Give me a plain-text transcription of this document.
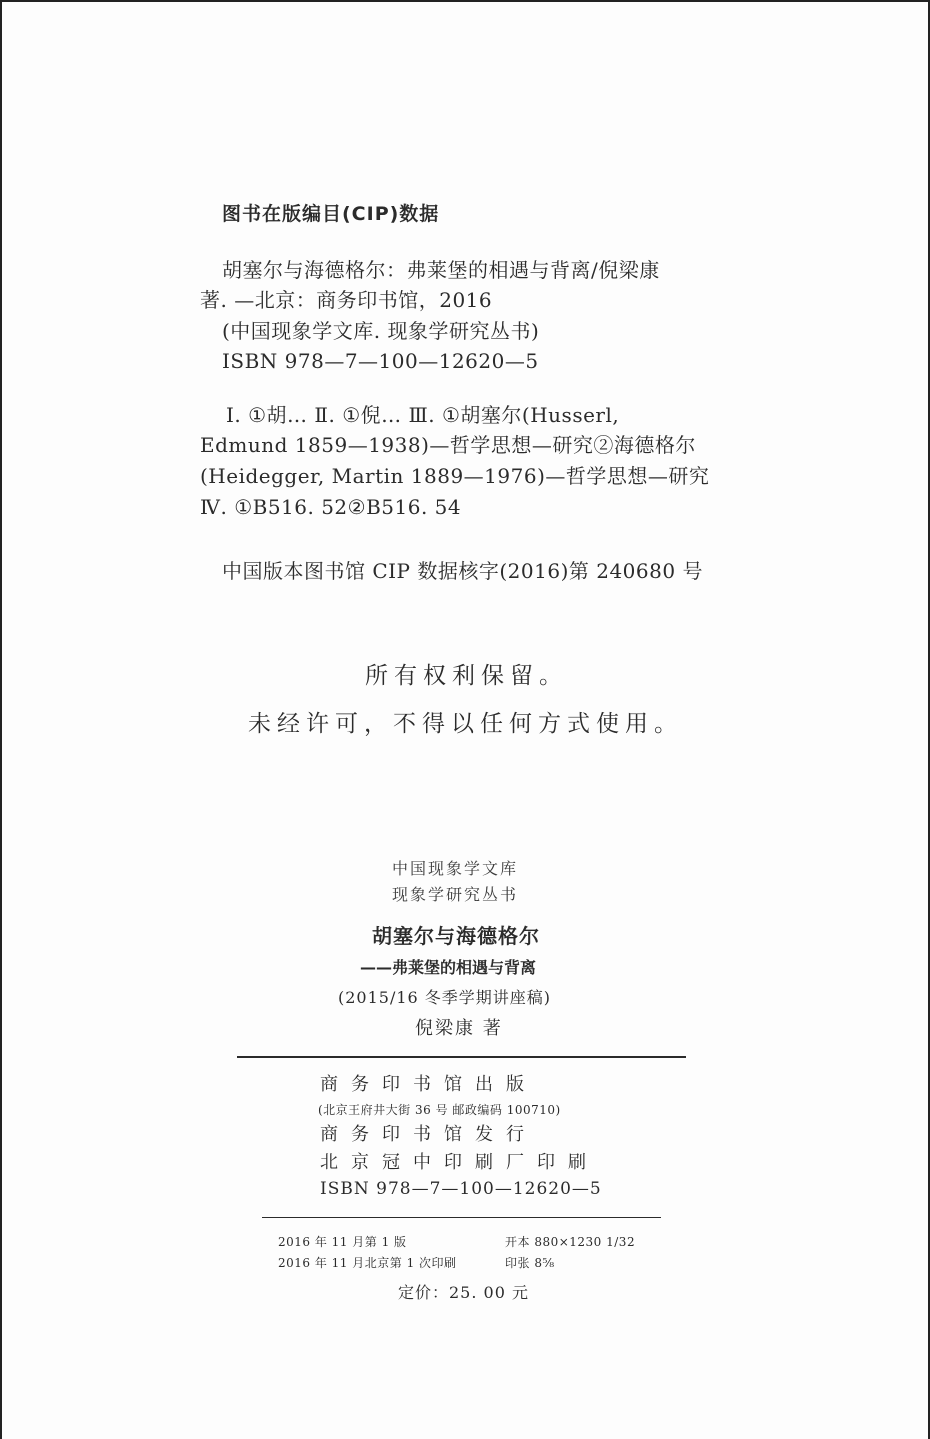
图书在版编目(CIP)数据
胡塞尔与海德格尔：弗莱堡的相遇与背离/倪梁康
著. —北京：商务印书馆，2016
(中国现象学文库. 现象学研究丛书)
ISBN 978—7—100—12620—5
Ⅰ. ①胡… Ⅱ. ①倪… Ⅲ. ①胡塞尔(Husserl,
Edmund 1859—1938)—哲学思想—研究②海德格尔
(Heidegger, Martin 1889—1976)—哲学思想—研究
Ⅳ. ①B516. 52②B516. 54
中国版本图书馆 CIP 数据核字(2016)第 240680 号
所有权利保留。
未经许可，不得以任何方式使用。
中国现象学文库
现象学研究丛书
胡塞尔与海德格尔
——弗莱堡的相遇与背离
(2015/16 冬季学期讲座稿)
倪梁康 著
商务印书馆出版
(北京王府井大街 36 号 邮政编码 100710)
商务印书馆发行
北京冠中印刷厂印刷
ISBN 978—7—100—12620—5
2016 年 11 月第 1 版	开本 880×1230 1/32
2016 年 11 月北京第 1 次印刷	印张 8⅝
定价：25. 00 元
